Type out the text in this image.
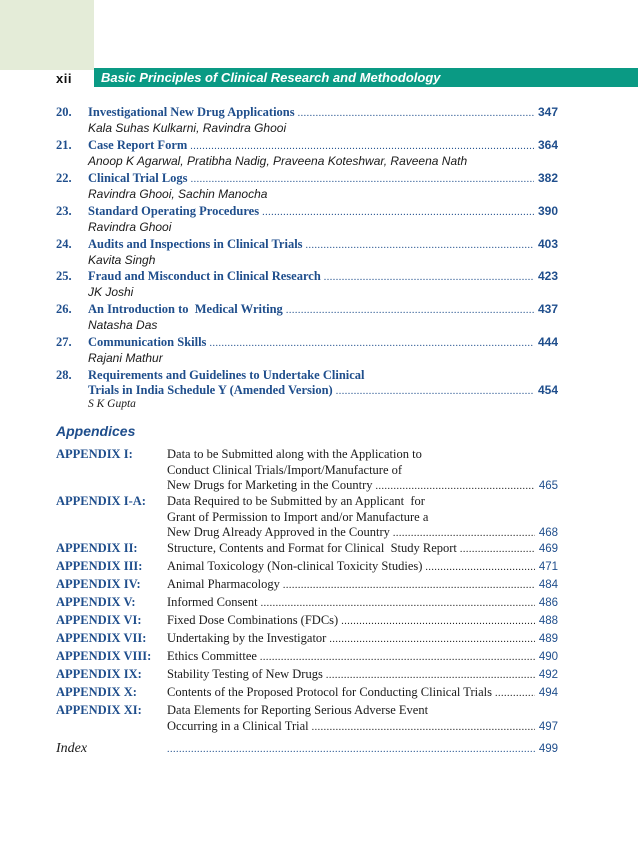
xii Basic Principles of Clinical Research and Methodology
20.	Investigational New Drug Applications .....	347
Kala Suhas Kulkarni, Ravindra Ghooi
21.	Case Report Form .....	364
Anoop K Agarwal, Pratibha Nadig, Praveena Koteshwar, Raveena Nath
22.	Clinical Trial Logs .....	382
Ravindra Ghooi, Sachin Manocha
23.	Standard Operating Procedures .....	390
Ravindra Ghooi
24.	Audits and Inspections in Clinical Trials .....	403
Kavita Singh
25.	Fraud and Misconduct in Clinical Research .....	423
JK Joshi
26.	An Introduction to  Medical Writing .....	437
Natasha Das
27.	Communication Skills .....	444
Rajani Mathur
28.	Requirements and Guidelines to Undertake Clinical
Trials in India Schedule Y (Amended Version) .....	454
S K Gupta
Appendices
APPENDIX I:	Data to be Submitted along with the Application to
Conduct Clinical Trials/Import/Manufacture of
New Drugs for Marketing in the Country .....	465
APPENDIX I-A:	Data Required to be Submitted by an Applicant  for
Grant of Permission to Import and/or Manufacture a
New Drug Already Approved in the Country .....	468
APPENDIX II:	Structure, Contents and Format for Clinical  Study Report .....	469
APPENDIX III:	Animal Toxicology (Non-clinical Toxicity Studies) .....	471
APPENDIX IV:	Animal Pharmacology .....	484
APPENDIX V:	Informed Consent .....	486
APPENDIX VI:	Fixed Dose Combinations (FDCs) .....	488
APPENDIX VII:	Undertaking by the Investigator .....	489
APPENDIX VIII:	Ethics Committee .....	490
APPENDIX IX:	Stability Testing of New Drugs .....	492
APPENDIX X:	Contents of the Proposed Protocol for Conducting Clinical Trials .....	494
APPENDIX XI:	Data Elements for Reporting Serious Adverse Event
Occurring in a Clinical Trial .....	497
Index .....	499
